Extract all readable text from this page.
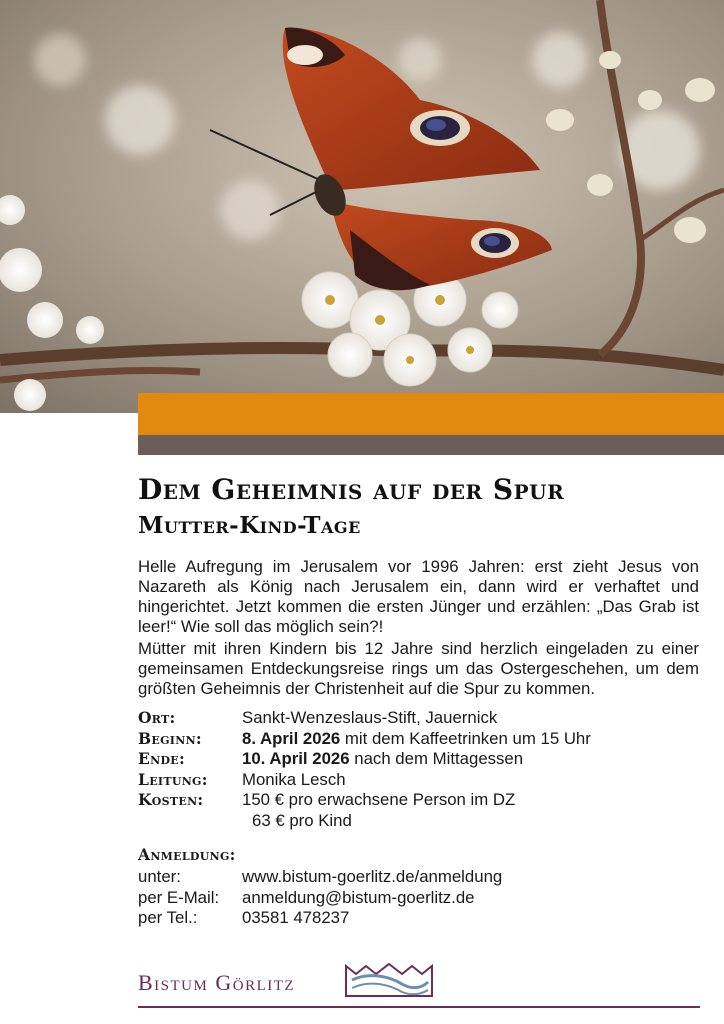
Dem Geheimnis auf der Spur
Mutter-Kind-Tage

Helle Aufregung im Jerusalem vor 1996 Jahren: erst zieht Jesus von Nazareth als König nach Jerusalem ein, dann wird er verhaftet und hingerichtet. Jetzt kommen die ersten Jünger und erzählen: „Das Grab ist leer!“ Wie soll das möglich sein?!

Mütter mit ihren Kindern bis 12 Jahre sind herzlich eingeladen zu einer gemeinsamen Entdeckungsreise rings um das Ostergeschehen, um dem größten Geheimnis der Christenheit auf die Spur zu kommen.

Ort:	Sankt-Wenzeslaus-Stift, Jauernick
Beginn:	8. April 2026 mit dem Kaffeetrinken um 15 Uhr
Ende:	10. April 2026 nach dem Mittagessen
Leitung:	Monika Lesch
Kosten:	150 € pro erwachsene Person im DZ
63 € pro Kind
Anmeldung:
unter:	www.bistum-goerlitz.de/anmeldung
per E-Mail:	anmeldung@bistum-goerlitz.de
per Tel.:	03581 478237
Bistum Görlitz
